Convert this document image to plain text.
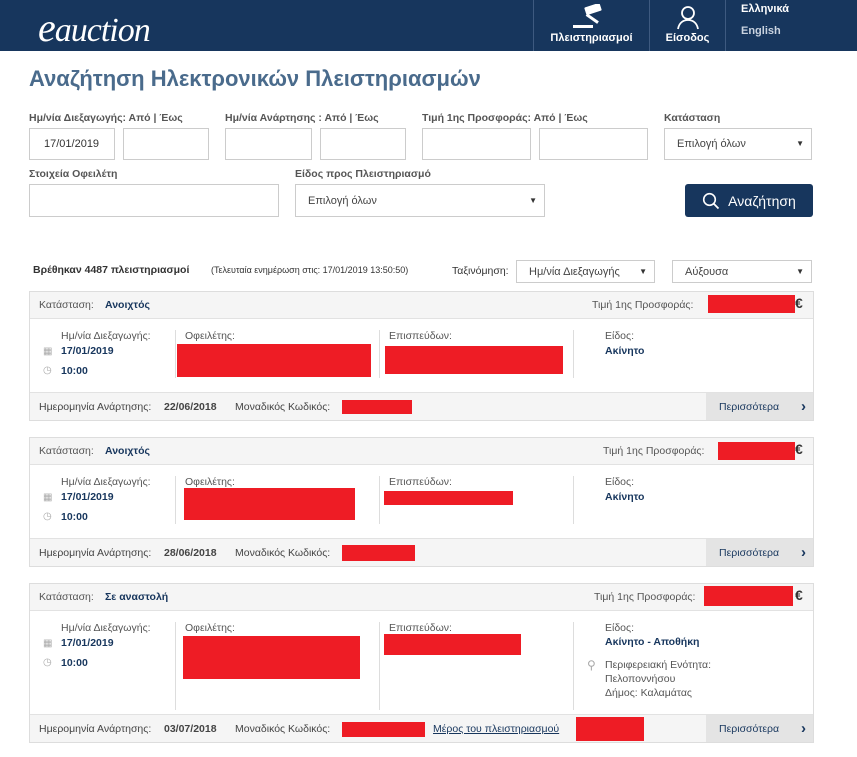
eauction	Πλειστηριασμοί	Είσοδος
Ελληνικά
English
Αναζήτηση Ηλεκτρονικών Πλειστηριασμών
Ημ/νία Διεξαγωγής: Από | Έως
17/01/2019
Ημ/νία Ανάρτησης : Από | Έως	Τιμή 1ης Προσφοράς: Από | Έως	Κατάσταση
Επιλογή όλων	▼
Στοιχεία Οφειλέτη	Είδος προς Πλειστηριασμό
Επιλογή όλων	▼	Αναζήτηση
Βρέθηκαν 4487 πλειστηριασμοί (Τελευταία ενημέρωση στις: 17/01/2019 13:50:50)	Ταξινόμηση: Ημ/νία Διεξαγωγής ▼	Αύξουσα	▼
Κατάσταση: Ανοιχτός	Τιμή 1ης Προσφοράς:	€
Ημ/νία Διεξαγωγής:
▦ 17/01/2019
◷ 10:00
Οφειλέτης:	Επισπεύδων:	Είδος:
Ακίνητο
Ημερομηνία Ανάρτησης: 22/06/2018 Μοναδικός Κωδικός:	Περισσότερα ›
Κατάσταση: Ανοιχτός	Τιμή 1ης Προσφοράς:	€
Ημ/νία Διεξαγωγής:
▦ 17/01/2019
◷ 10:00
Οφειλέτης:	Επισπεύδων:	Είδος:
Ακίνητο
Ημερομηνία Ανάρτησης: 28/06/2018 Μοναδικός Κωδικός:	Περισσότερα ›
Κατάσταση: Σε αναστολή	Τιμή 1ης Προσφοράς:	€
Ημ/νία Διεξαγωγής:
▦ 17/01/2019
◷ 10:00
Οφειλέτης:	Επισπεύδων:	Είδος:
Ακίνητο - Αποθήκη
⚲ Περιφερειακή Ενότητα:
Πελοποννήσου
Δήμος: Καλαμάτας
Ημερομηνία Ανάρτησης: 03/07/2018 Μοναδικός Κωδικός:	Μέρος του πλειστηριασμού	Περισσότερα ›
